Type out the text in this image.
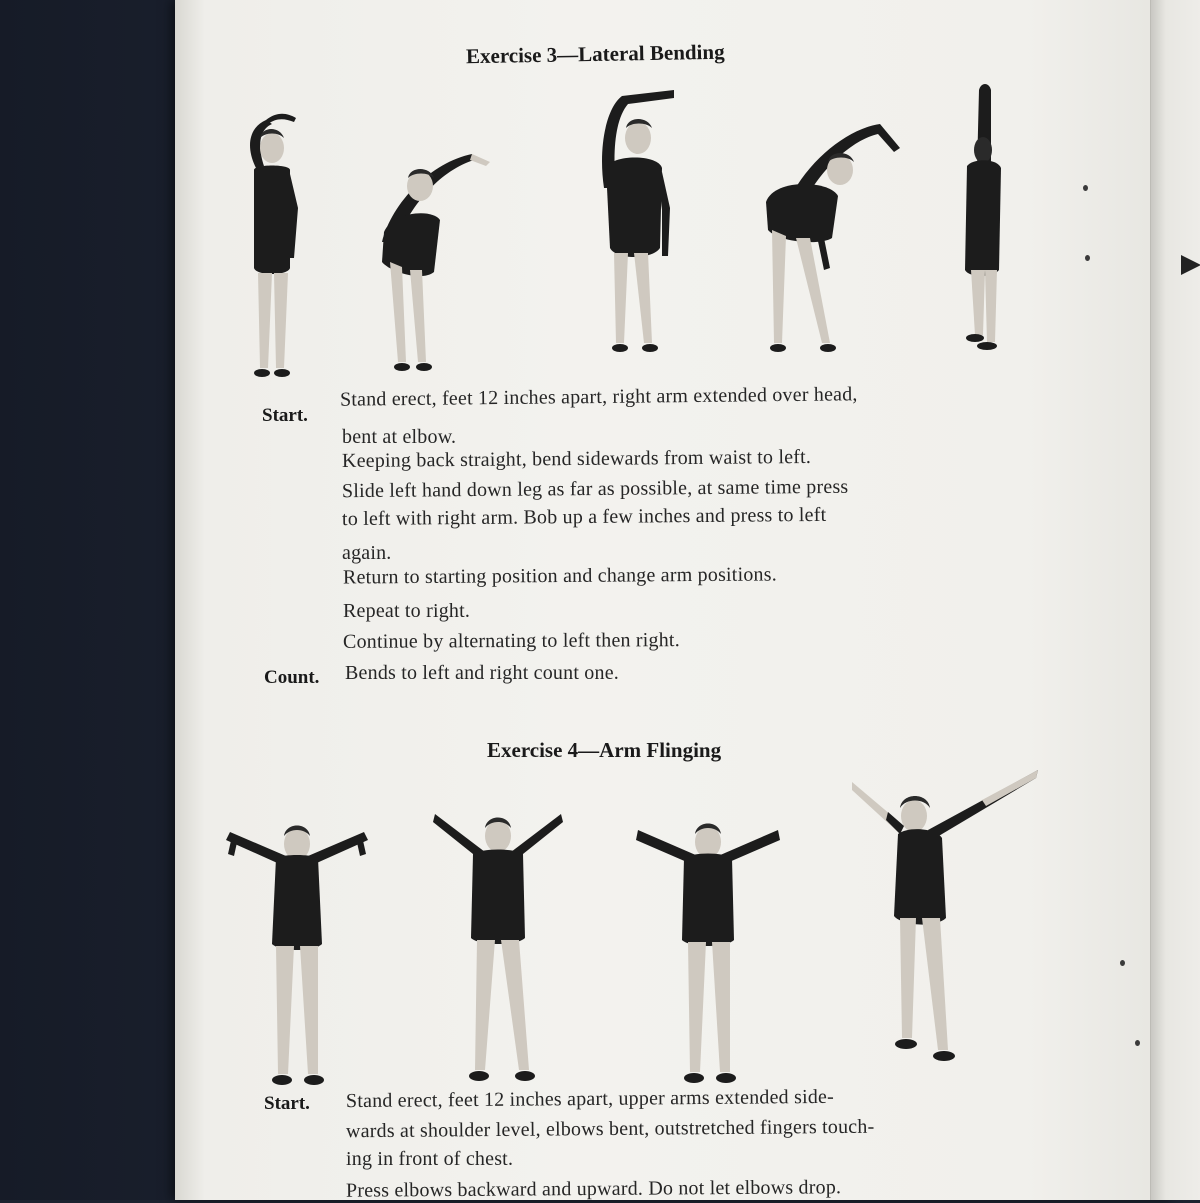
Exercise 3—Lateral Bending
Start.
Stand erect, feet 12 inches apart, right arm extended over head,
bent at elbow.
Keeping back straight, bend sidewards from waist to left.
Slide left hand down leg as far as possible, at same time press
to left with right arm. Bob up a few inches and press to left
again.
Return to starting position and change arm positions.
Repeat to right.
Continue by alternating to left then right.
Count. Bends to left and right count one.
Exercise 4—Arm Flinging
Start. Stand erect, feet 12 inches apart, upper arms extended side-
wards at shoulder level, elbows bent, outstretched fingers touch-
ing in front of chest.
Press elbows backward and upward. Do not let elbows drop.
